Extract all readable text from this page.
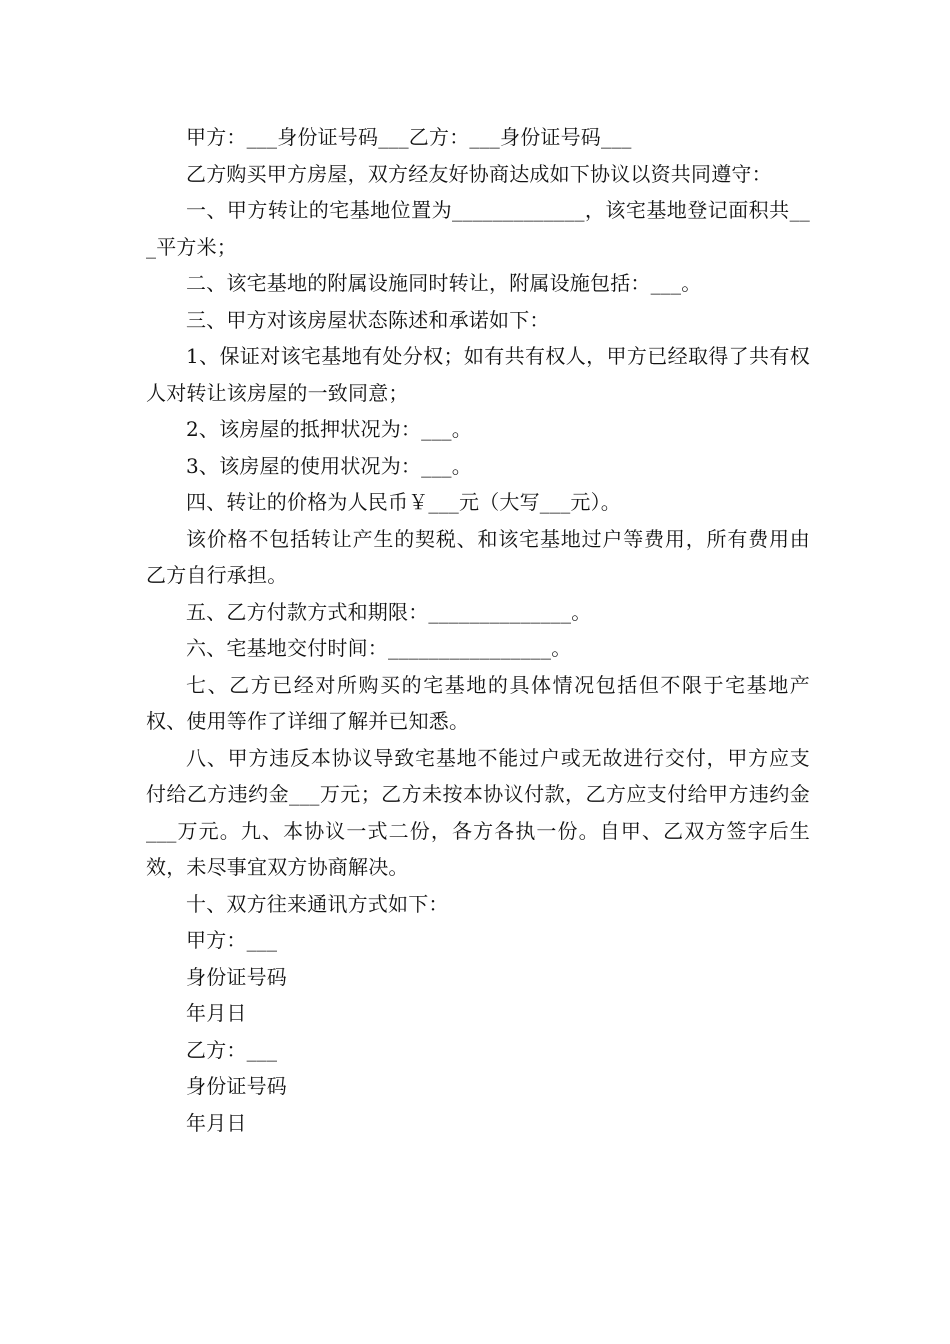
甲方：___身份证号码___乙方：___身份证号码___

乙方购买甲方房屋，双方经友好协商达成如下协议以资共同遵守：

一、甲方转让的宅基地位置为_____________，该宅基地登记面积共___平方米；

二、该宅基地的附属设施同时转让，附属设施包括：___。

三、甲方对该房屋状态陈述和承诺如下：

1、保证对该宅基地有处分权；如有共有权人，甲方已经取得了共有权人对转让该房屋的一致同意；

2、该房屋的抵押状况为：___。

3、该房屋的使用状况为：___。

四、转让的价格为人民币￥___元（大写___元）。

该价格不包括转让产生的契税、和该宅基地过户等费用，所有费用由乙方自行承担。

五、乙方付款方式和期限：______________。

六、宅基地交付时间：________________。

七、乙方已经对所购买的宅基地的具体情况包括但不限于宅基地产权、使用等作了详细了解并已知悉。

八、甲方违反本协议导致宅基地不能过户或无故进行交付，甲方应支付给乙方违约金___万元；乙方未按本协议付款，乙方应支付给甲方违约金___万元。九、本协议一式二份，各方各执一份。自甲、乙双方签字后生效，未尽事宜双方协商解决。

十、双方往来通讯方式如下：

甲方：___

身份证号码

年月日

乙方：___

身份证号码

年月日
